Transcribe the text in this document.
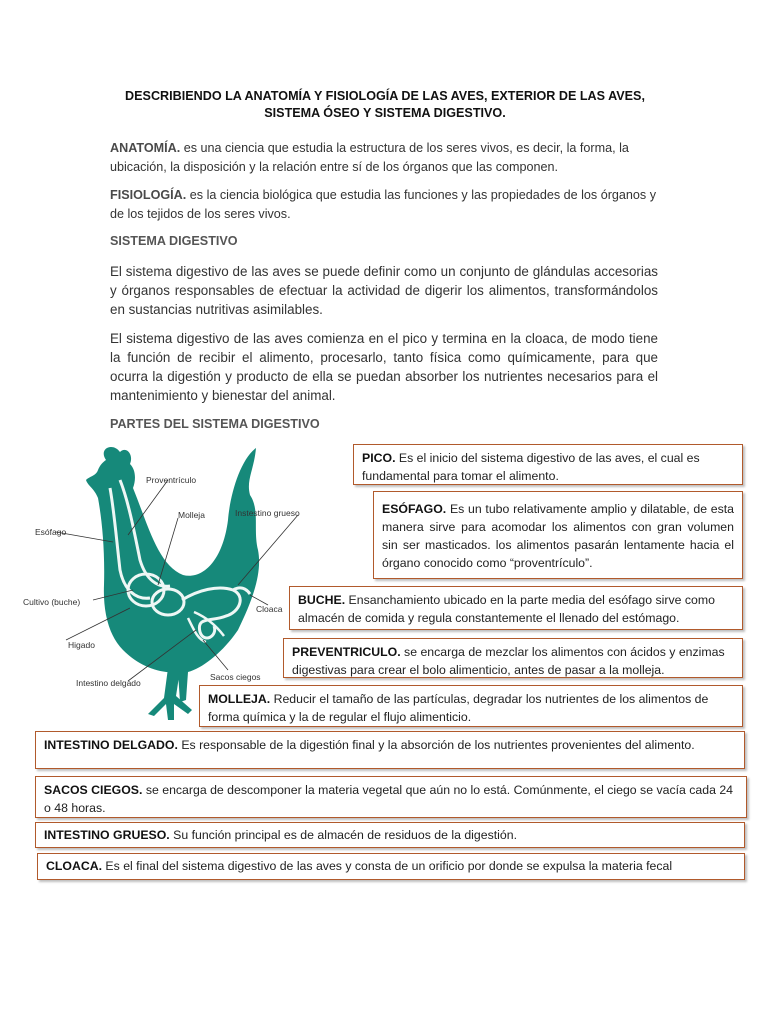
DESCRIBIENDO LA ANATOMÍA Y FISIOLOGÍA DE LAS AVES, EXTERIOR DE LAS AVES,
SISTEMA ÓSEO Y SISTEMA DIGESTIVO.
ANATOMÍA. es una ciencia que estudia la estructura de los seres vivos, es decir, la forma, la ubicación, la disposición y la relación entre sí de los órganos que las componen.
FISIOLOGÍA. es la ciencia biológica que estudia las funciones y las propiedades de los órganos y de los tejidos de los seres vivos.
SISTEMA DIGESTIVO
El sistema digestivo de las aves se puede definir como un conjunto de glándulas accesorias y órganos responsables de efectuar la actividad de digerir los alimentos, transformándolos en sustancias nutritivas asimilables.
El sistema digestivo de las aves comienza en el pico y termina en la cloaca, de modo tiene la función de recibir el alimento, procesarlo, tanto física como químicamente, para que ocurra la digestión y producto de ella se puedan absorber los nutrientes necesarios para el mantenimiento y bienestar del animal.
PARTES DEL SISTEMA DIGESTIVO
Proventrículo
Molleja	Instestino grueso
Esófago
Cultivo (buche)
Cloaca
Higado
Sacos ciegos
Intestino delgado
PICO. Es el inicio del sistema digestivo de las aves, el cual es fundamental para tomar el alimento.
ESÓFAGO. Es un tubo relativamente amplio y dilatable, de esta manera sirve para acomodar los alimentos con gran volumen sin ser masticados. los alimentos pasarán lentamente hacia el órgano conocido como “proventrículo”.
BUCHE. Ensanchamiento ubicado en la parte media del esófago sirve como almacén de comida y regula constantemente el llenado del estómago.
PREVENTRICULO. se encarga de mezclar los alimentos con ácidos y enzimas digestivas para crear el bolo alimenticio, antes de pasar a la molleja.
MOLLEJA. Reducir el tamaño de las partículas, degradar los nutrientes de los alimentos de forma química y la de regular el flujo alimenticio.
INTESTINO DELGADO. Es responsable de la digestión final y la absorción de los nutrientes provenientes del alimento.
SACOS CIEGOS. se encarga de descomponer la materia vegetal que aún no lo está. Comúnmente, el ciego se vacía cada 24 o 48 horas.
INTESTINO GRUESO. Su función principal es de almacén de residuos de la digestión.
CLOACA. Es el final del sistema digestivo de las aves y consta de un orificio por donde se expulsa la materia fecal
